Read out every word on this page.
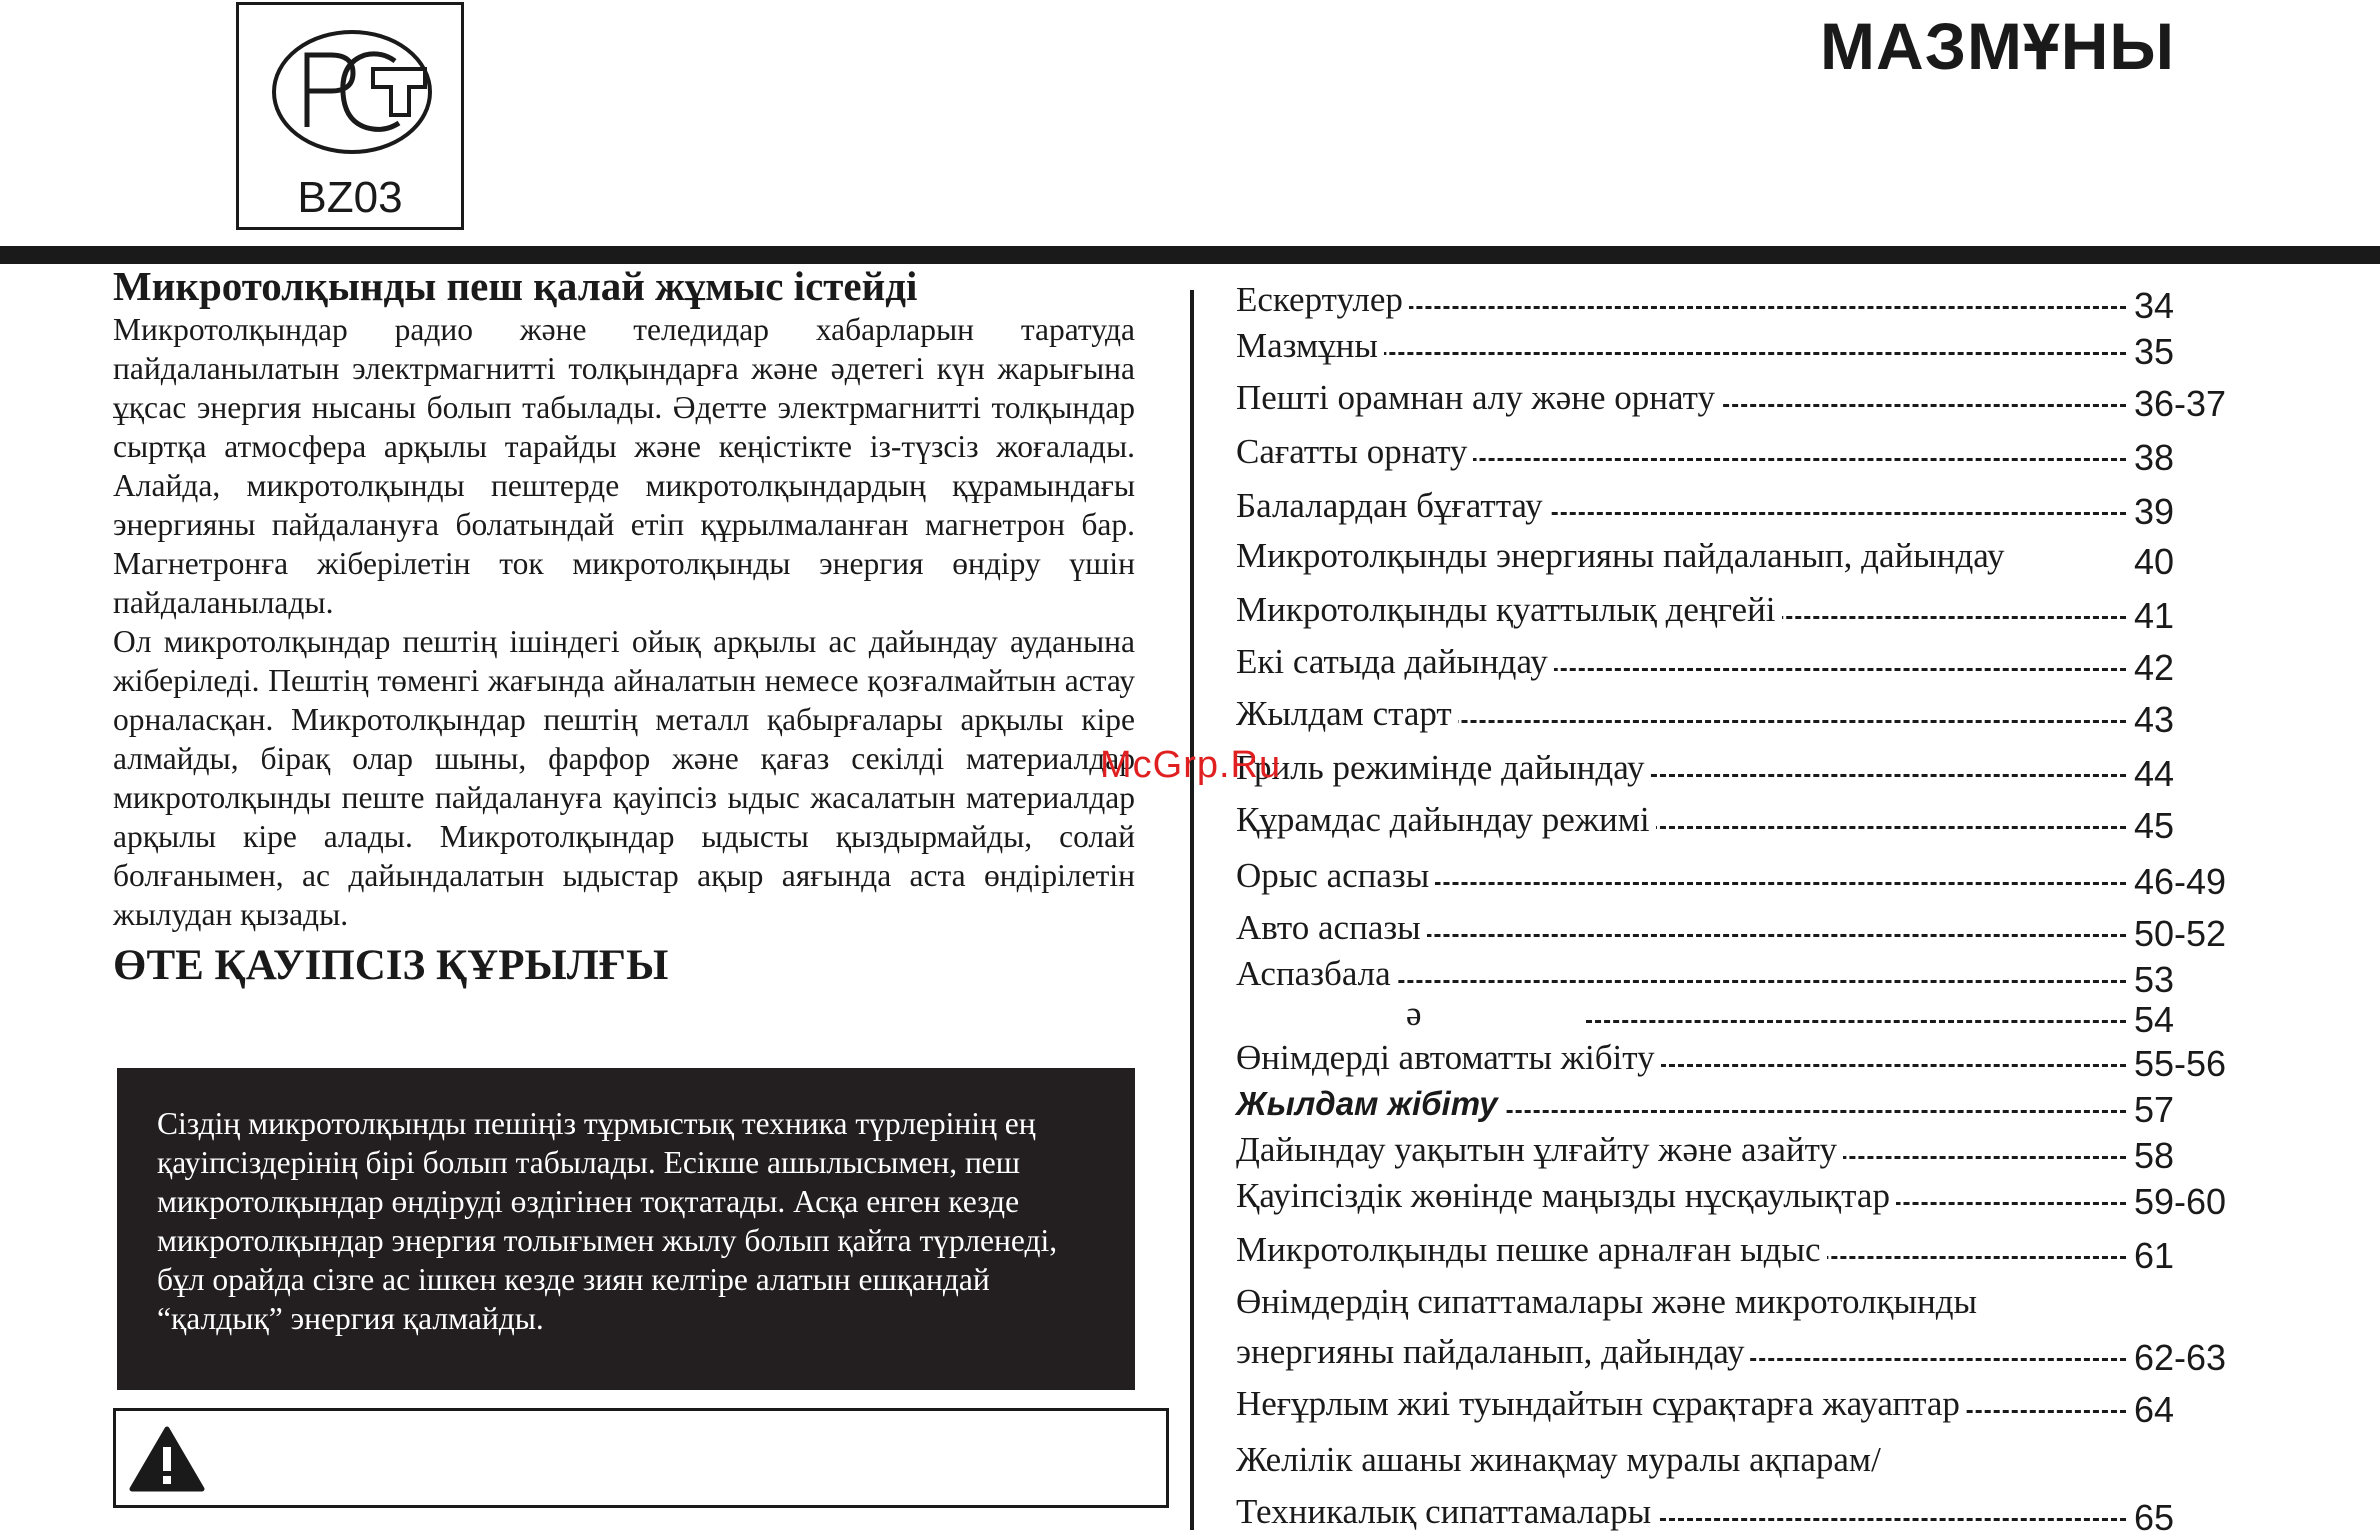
BZ03
МАЗМҰНЫ
Микротолқынды пеш қалай жұмыс істейді

Микротолқындар радио және теледидар хабарларын таратуда пайдаланылатын электрмагнитті толқындарға және әдетегі күн жарығына ұқсас энергия нысаны болып табылады. Әдетте электрмагнитті толқындар сыртқа атмосфера арқылы тарайды және кеңістікте із-түзсіз жоғалады. Алайда, микротолқынды пештерде микротолқындардың құрамындағы энергияны пайдалануға болатындай етіп құрылмаланған магнетрон бар. Магнетронға жіберілетін ток микротолқынды энергия өндіру үшін пайдаланылады.

Ол микротолқындар пештің ішіндегі ойық арқылы ас дайындау ауданына жіберіледі. Пештің төменгі жағында айналатын немесе қозғалмайтын астау орналасқан. Микротолқындар пештің металл қабырғалары арқылы кіре алмайды, бірақ олар шыны, фарфор және қағаз секілді материалдар микротолқынды пеште пайдалануға қауіпсіз ыдыс жасалатын материалдар арқылы кіре алады. Микротолқындар ыдысты қыздырмайды, солай болғанымен, ас дайындалатын ыдыстар ақыр аяғында аста өндірілетін жылудан қызады.

ӨТЕ ҚАУІПСІЗ ҚҰРЫЛҒЫ

Сіздің микротолқынды пешіңіз тұрмыстық техника түрлерінің ең қауіпсіздерінің бірі болып табылады. Есікше ашылысымен, пеш микротолқындар өндіруді өздігінен тоқтатады. Асқа енген кезде микротолқындар энергия толығымен жылу болып қайта түрленеді, бұл орайда сізге ас ішкен кезде зиян келтіре алатын ешқандай “қалдық” энергия қалмайды.

Ескертулер	34
Мазмұны	35
Пешті орамнан алу және орнату	36-37
Сағатты орнату	38
Балалардан бұғаттау	39
Микротолқынды энергияны пайдаланып, дайындау	40
Микротолқынды қуаттылық деңгейі	41
Екі сатыда дайындау	42
Жылдам старт	43
Гриль режимінде дайындау	44
Құрамдас дайындау режимі	45
Орыс аспазы	46-49
Авто аспазы	50-52
Аспазбала	53
ә	54
Өнімдерді автоматты жібіту	55-56
Жылдам жібіту	57
Дайындау уақытын ұлғайту және азайту	58
Қауіпсіздік жөнінде маңызды нұсқаулықтар	59-60
Микротолқынды пешке арналған ыдыс	61
Өнімдердің сипаттамалары және микротолқынды
энергияны пайдаланып, дайындау	62-63
Неғұрлым жиі туындайтын сұрақтарға жауаптар	64
Желілік ашаны жинақмау муралы ақпарам/
Техникалық сипаттамалары	65
McGrp.Ru
